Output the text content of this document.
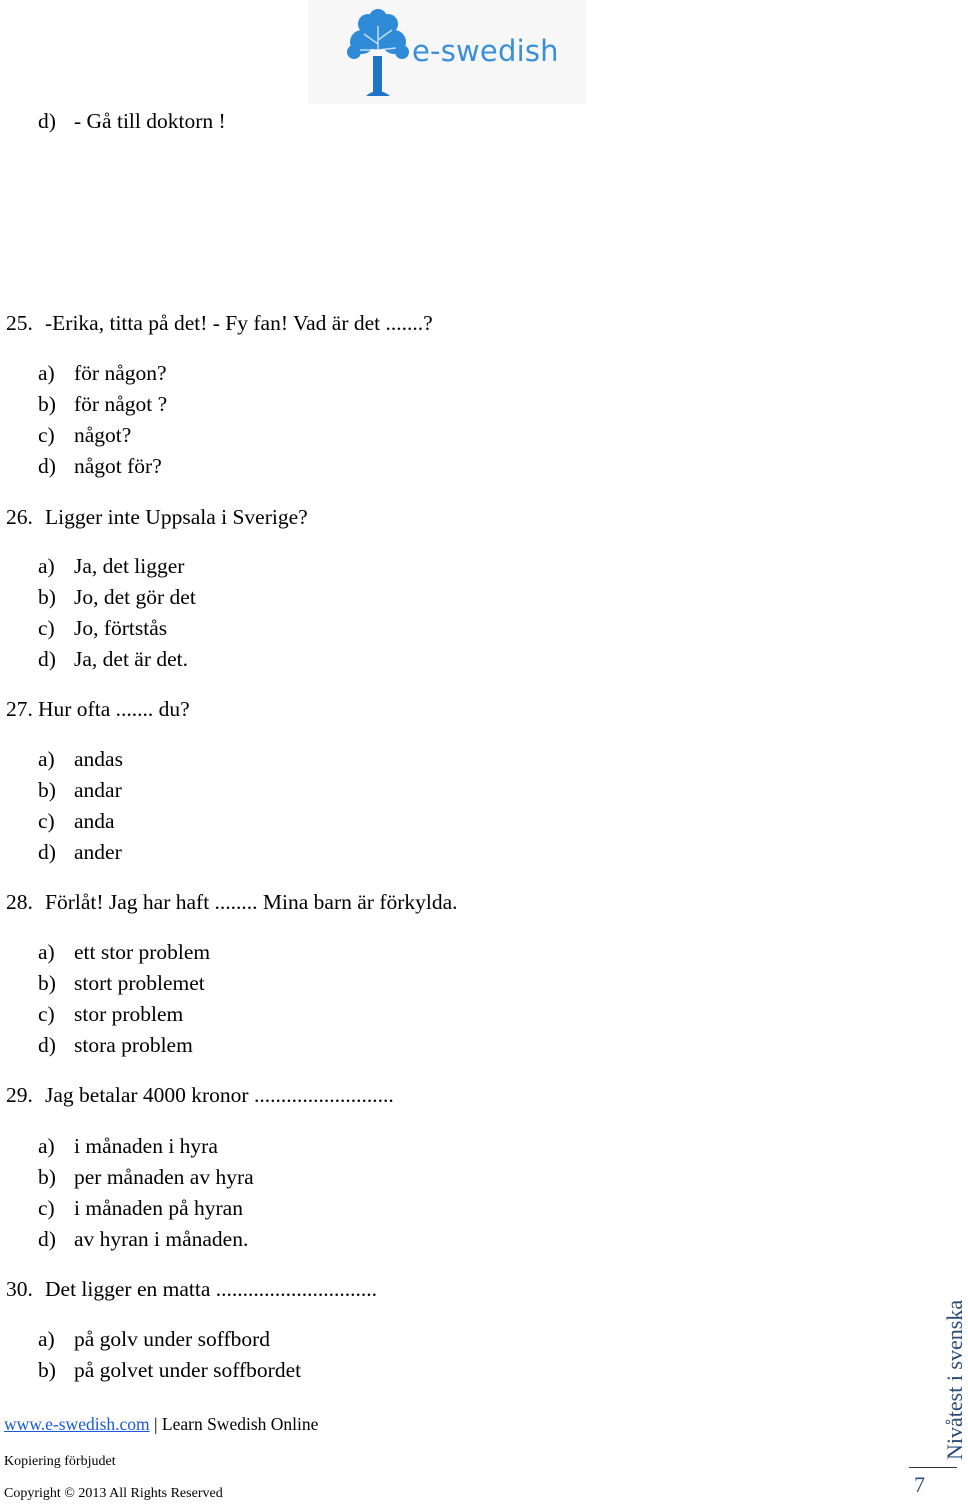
e-swedish
d) - Gå till doktorn !
25. -Erika, titta på det! - Fy fan! Vad är det .......?
a) för någon?
b) för något ?
c) något?
d) något för?
26. Ligger inte Uppsala i Sverige?
a) Ja, det ligger
b) Jo, det gör det
c) Jo, förtstås
d) Ja, det är det.
27. Hur ofta ....... du?
a) andas
b) andar
c) anda
d) ander
28. Förlåt! Jag har haft ........ Mina barn är förkylda.
a) ett stor problem
b) stort problemet
c) stor problem
d) stora problem
29. Jag betalar 4000 kronor ..........................
a) i månaden i hyra
b) per månaden av hyra
c) i månaden på hyran
d) av hyran i månaden.
30. Det ligger en matta ..............................
a) på golv under soffbord
b) på golvet under soffbordet
www.e-swedish.com | Learn Swedish Online
Kopiering förbjudet
Copyright © 2013 All Rights Reserved
Nivåtest i svenska
7
